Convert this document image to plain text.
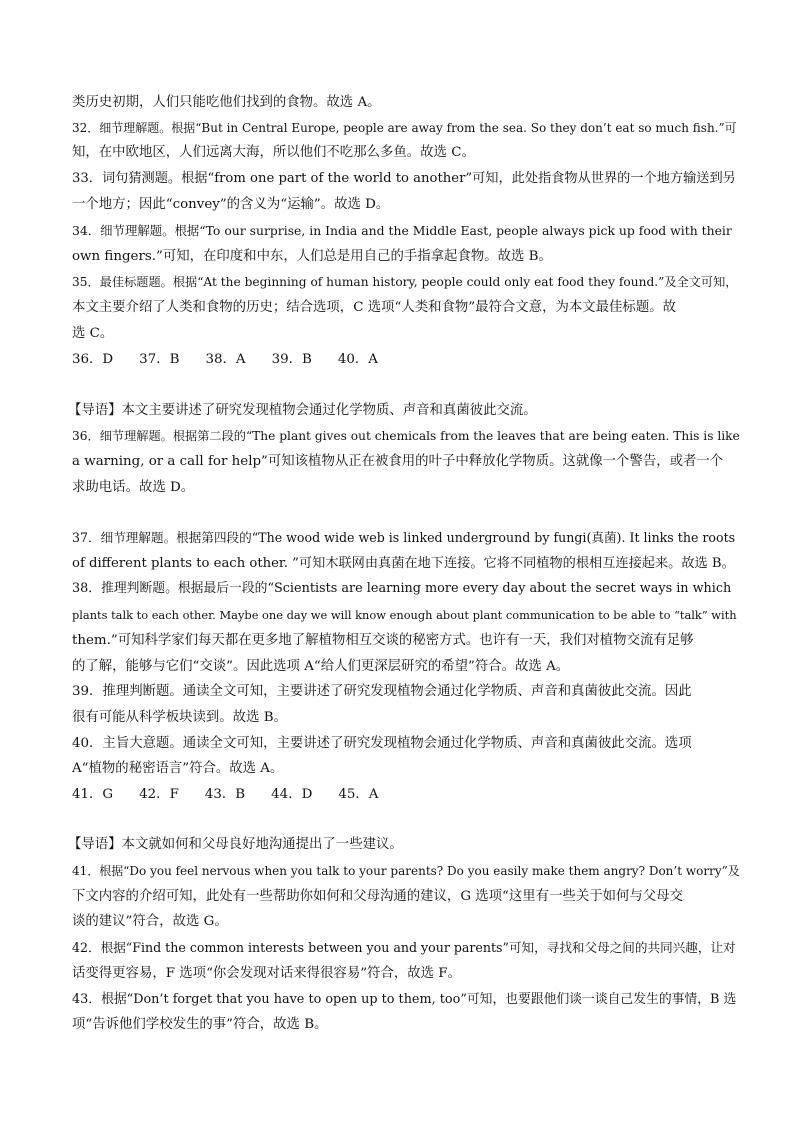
类历史初期，人们只能吃他们找到的食物。故选 A。
32．细节理解题。根据“But in Central Europe, people are away from the sea. So they don’t eat so much fish.”可
知，在中欧地区，人们远离大海，所以他们不吃那么多鱼。故选 C。
33．词句猜测题。根据“from one part of the world to another”可知，此处指食物从世界的一个地方输送到另
一个地方；因此“convey”的含义为“运输”。故选 D。
34．细节理解题。根据“To our surprise, in India and the Middle East, people always pick up food with their
own fingers.”可知，在印度和中东，人们总是用自己的手指拿起食物。故选 B。
35．最佳标题题。根据“At the beginning of human history, people could only eat food they found.”及全文可知，
本文主要介绍了人类和食物的历史；结合选项，C 选项“人类和食物”最符合文意，为本文最佳标题。故
选 C。
36．D 37．B 38．A 39．B 40．A
【导语】本文主要讲述了研究发现植物会通过化学物质、声音和真菌彼此交流。
36．细节理解题。根据第二段的“The plant gives out chemicals from the leaves that are being eaten. This is like
a warning, or a call for help”可知该植物从正在被食用的叶子中释放化学物质。这就像一个警告，或者一个
求助电话。故选 D。
37．细节理解题。根据第四段的“The wood wide web is linked underground by fungi(真菌). It links the roots
of different plants to each other. ”可知木联网由真菌在地下连接。它将不同植物的根相互连接起来。故选 B。
38．推理判断题。根据最后一段的“Scientists are learning more every day about the secret ways in which
plants talk to each other. Maybe one day we will know enough about plant communication to be able to “talk” with
them.”可知科学家们每天都在更多地了解植物相互交谈的秘密方式。也许有一天，我们对植物交流有足够
的了解，能够与它们“交谈”。因此选项 A“给人们更深层研究的希望”符合。故选 A。
39．推理判断题。通读全文可知，主要讲述了研究发现植物会通过化学物质、声音和真菌彼此交流。因此
很有可能从科学板块读到。故选 B。
40．主旨大意题。通读全文可知，主要讲述了研究发现植物会通过化学物质、声音和真菌彼此交流。选项
A“植物的秘密语言”符合。故选 A。
41．G 42．F 43．B 44．D 45．A
【导语】本文就如何和父母良好地沟通提出了一些建议。
41．根据“Do you feel nervous when you talk to your parents? Do you easily make them angry? Don’t worry”及
下文内容的介绍可知，此处有一些帮助你如何和父母沟通的建议，G 选项“这里有一些关于如何与父母交
谈的建议”符合，故选 G。
42．根据“Find the common interests between you and your parents”可知，寻找和父母之间的共同兴趣，让对
话变得更容易，F 选项“你会发现对话来得很容易”符合，故选 F。
43．根据“Don’t forget that you have to open up to them, too”可知，也要跟他们谈一谈自己发生的事情，B 选
项“告诉他们学校发生的事”符合，故选 B。
